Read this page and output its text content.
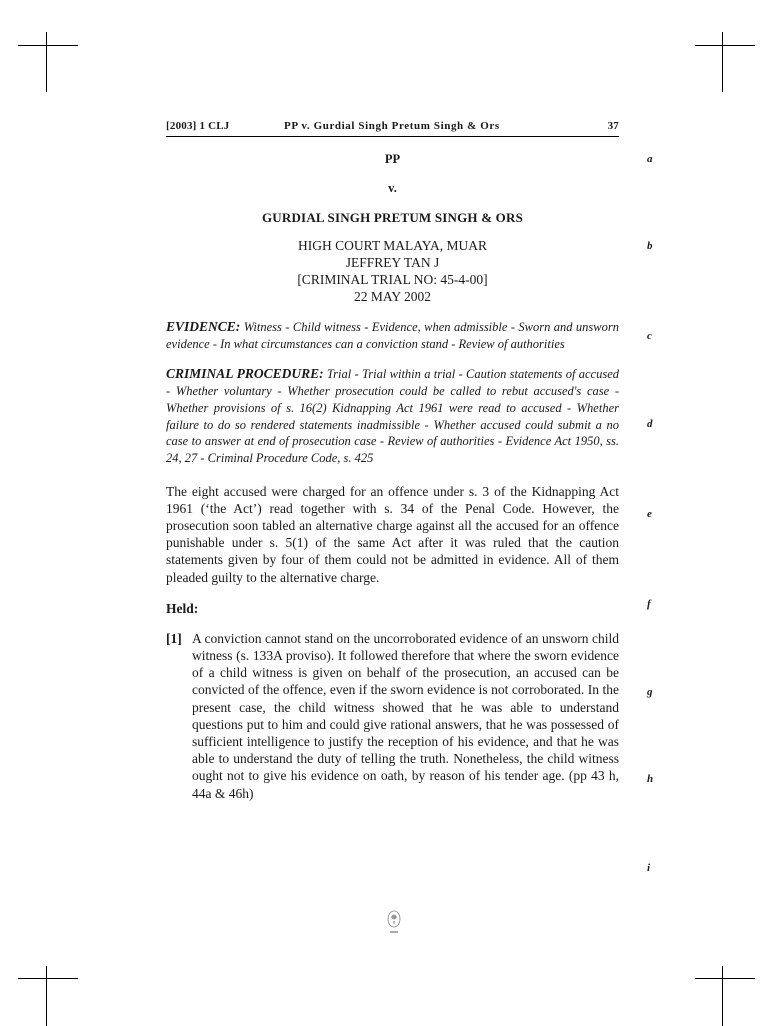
[2003] 1 CLJ	PP v. Gurdial Singh Pretum Singh & Ors	37
PP
v.
GURDIAL SINGH PRETUM SINGH & ORS
HIGH COURT MALAYA, MUAR
JEFFREY TAN J
[CRIMINAL TRIAL NO: 45-4-00]
22 MAY 2002

EVIDENCE: Witness - Child witness - Evidence, when admissible - Sworn and unsworn evidence - In what circumstances can a conviction stand - Review of authorities

CRIMINAL PROCEDURE: Trial - Trial within a trial - Caution statements of accused - Whether voluntary - Whether prosecution could be called to rebut accused's case - Whether provisions of s. 16(2) Kidnapping Act 1961 were read to accused - Whether failure to do so rendered statements inadmissible - Whether accused could submit a no case to answer at end of prosecution case - Review of authorities - Evidence Act 1950, ss. 24, 27 - Criminal Procedure Code, s. 425

The eight accused were charged for an offence under s. 3 of the Kidnapping Act 1961 (‘the Act’) read together with s. 34 of the Penal Code. However, the prosecution soon tabled an alternative charge against all the accused for an offence punishable under s. 5(1) of the same Act after it was ruled that the caution statements given by four of them could not be admitted in evidence. All of them pleaded guilty to the alternative charge.

Held:
[1] A conviction cannot stand on the uncorroborated evidence of an unsworn child witness (s. 133A proviso). It followed therefore that where the sworn evidence of a child witness is given on behalf of the prosecution, an accused can be convicted of the offence, even if the sworn evidence is not corroborated. In the present case, the child witness showed that he was able to understand questions put to him and could give rational answers, that he was possessed of sufficient intelligence to justify the reception of his evidence, and that he was able to understand the duty of telling the truth. Nonetheless, the child witness ought not to give his evidence on oath, by reason of his tender age. (pp 43 h, 44a & 46h)
a
b
c
d
e
f
g
h
i
